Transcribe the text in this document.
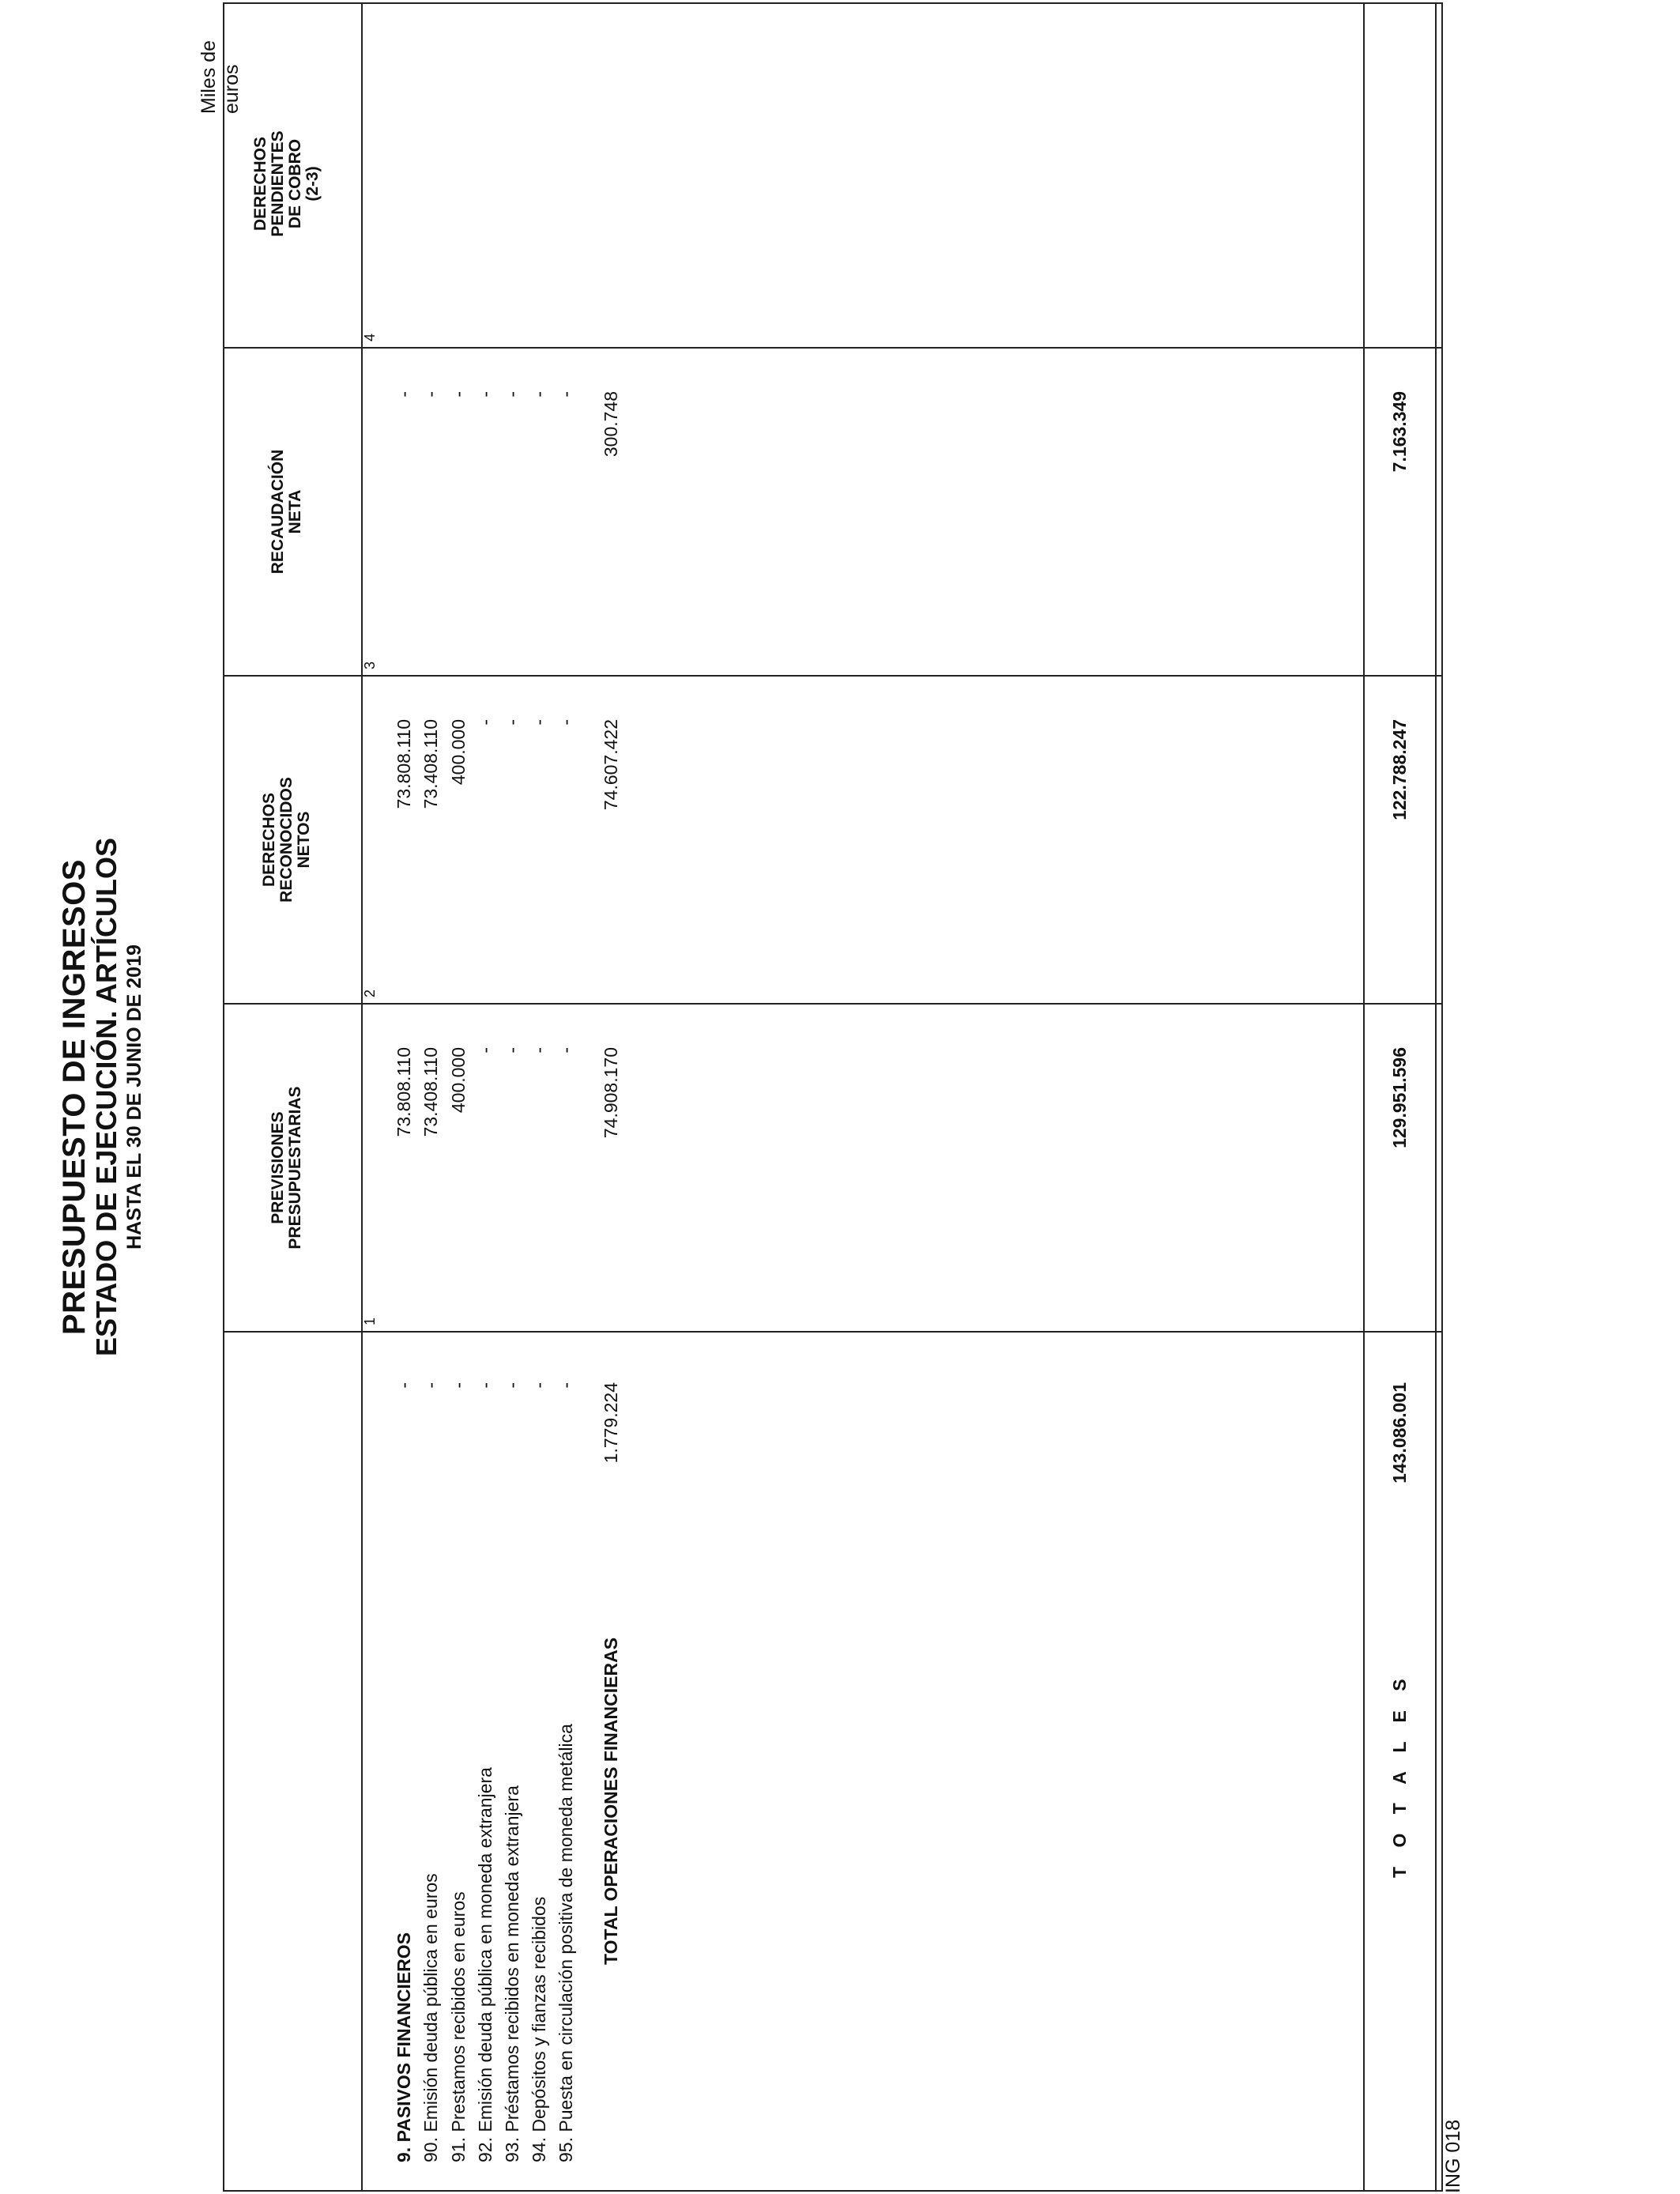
PRESUPUESTO DE INGRESOS
ESTADO DE EJECUCIÓN. ARTÍCULOS HASTA EL 30 DE JUNIO DE 2019
Miles de euros
PREVISIONES PRESUPUESTARIAS
1
DERECHOS RECONOCIDOS NETOS
2
RECAUDACIÓN NETA
3
DERECHOS PENDIENTES DE COBRO (2-3)
4
9. PASIVOS FINANCIEROS 90. Emisión deuda pública en euros 91. Prestamos recibidos en euros 92. Emisión deuda pública en moneda extranjera 93. Préstamos recibidos en moneda extranjera 94. Depósitos y fianzas recibidos 95. Puesta en circulación positiva de moneda metálica TOTAL OPERACIONES FINANCIERAS	T O T A L E S
-
73.808.110
73.808.110
-
-
73.408.110
73.408.110
-
-
400.000
400.000
-
-
-
-
-
-
-
-
-
-
-
-
-
-
-
-
-
1.779.224
74.908.170
74.607.422
300.748
143.086.001
129.951.596
122.788.247
7.163.349
ING 018
